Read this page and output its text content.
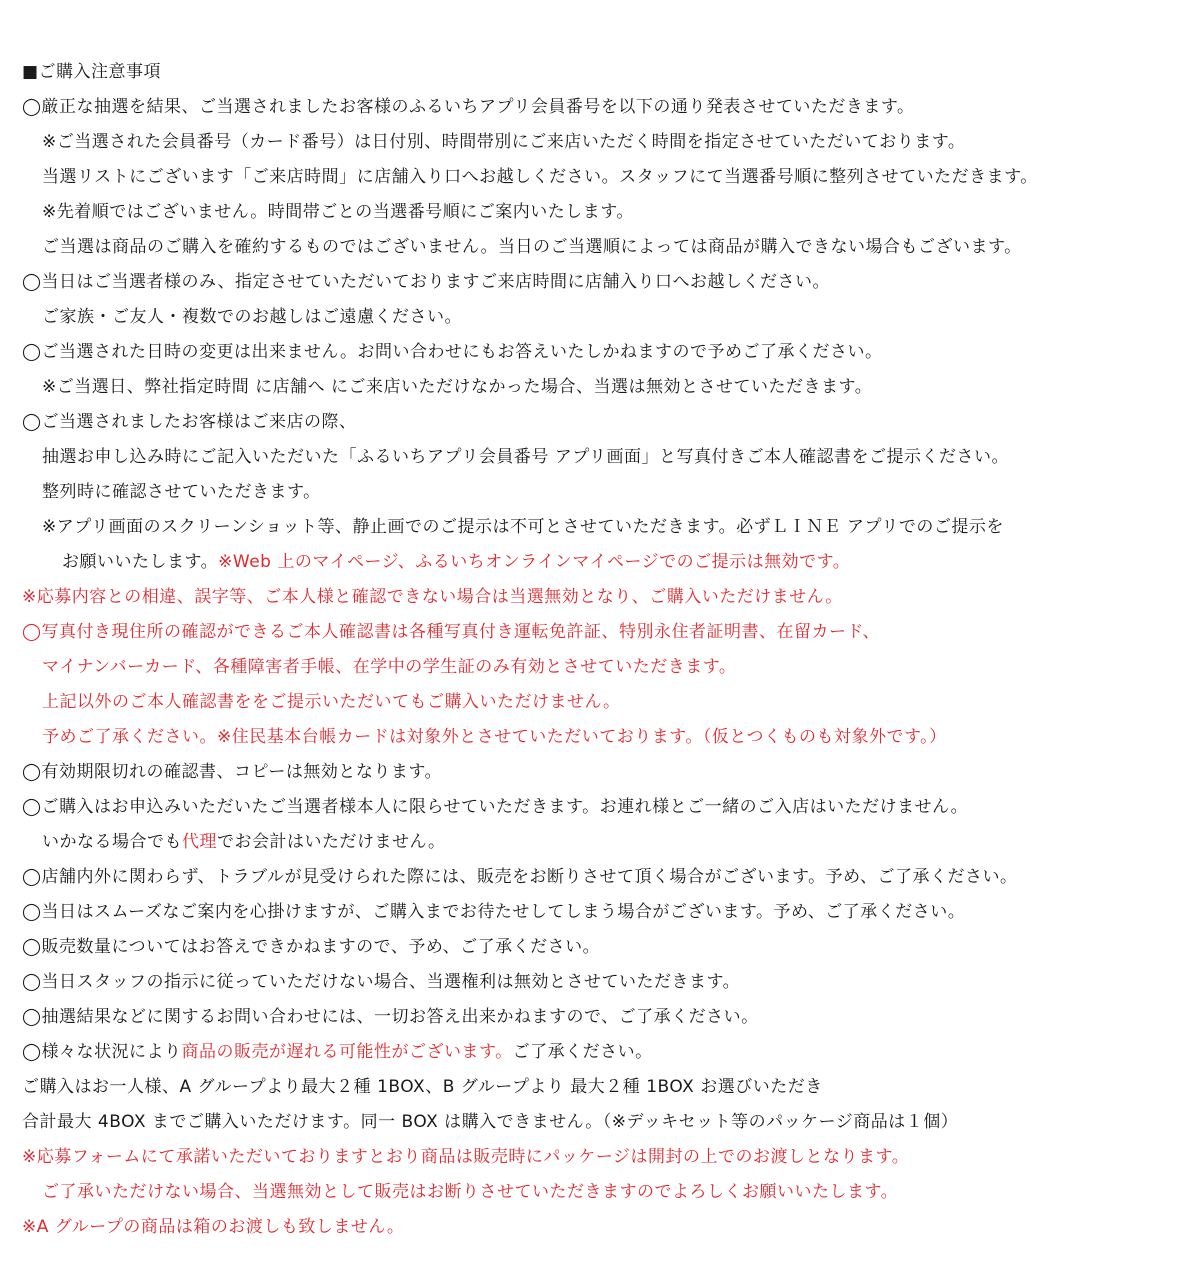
■ご購入注意事項
◯厳正な抽選を結果、ご当選されましたお客様のふるいちアプリ会員番号を以下の通り発表させていただきます。
※ご当選された会員番号（カード番号）は日付別、時間帯別にご来店いただく時間を指定させていただいております。
当選リストにございます「ご来店時間」に店舗入り口へお越しください。スタッフにて当選番号順に整列させていただきます。
※先着順ではございません。時間帯ごとの当選番号順にご案内いたします。
ご当選は商品のご購入を確約するものではございません。当日のご当選順によっては商品が購入できない場合もございます。
◯当日はご当選者様のみ、指定させていただいておりますご来店時間に店舗入り口へお越しください。
ご家族・ご友人・複数でのお越しはご遠慮ください。
◯ご当選された日時の変更は出来ません。お問い合わせにもお答えいたしかねますので予めご了承ください。
※ご当選日、弊社指定時間 に店舗へ にご来店いただけなかった場合、当選は無効とさせていただきます。
◯ご当選されましたお客様はご来店の際、
抽選お申し込み時にご記入いただいた「ふるいちアプリ会員番号 アプリ画面」と写真付きご本人確認書をご提示ください。
整列時に確認させていただきます。
※アプリ画面のスクリーンショット等、静止画でのご提示は不可とさせていただきます。必ずＬＩＮＥ アプリでのご提示を
お願いいたします。※Web 上のマイページ、ふるいちオンラインマイページでのご提示は無効です。
※応募内容との相違、誤字等、ご本人様と確認できない場合は当選無効となり、ご購入いただけません。
◯写真付き現住所の確認ができるご本人確認書は各種写真付き運転免許証、特別永住者証明書、在留カード、
マイナンバーカード、各種障害者手帳、在学中の学生証のみ有効とさせていただきます。
上記以外のご本人確認書ををご提示いただいてもご購入いただけません。
予めご了承ください。※住民基本台帳カードは対象外とさせていただいております。（仮とつくものも対象外です。）
◯有効期限切れの確認書、コピーは無効となります。
◯ご購入はお申込みいただいたご当選者様本人に限らせていただきます。お連れ様とご一緒のご入店はいただけません。
いかなる場合でも代理でお会計はいただけません。
◯店舗内外に関わらず、トラブルが見受けられた際には、販売をお断りさせて頂く場合がございます。予め、ご了承ください。
◯当日はスムーズなご案内を心掛けますが、ご購入までお待たせしてしまう場合がございます。予め、ご了承ください。
◯販売数量についてはお答えできかねますので、予め、ご了承ください。
◯当日スタッフの指示に従っていただけない場合、当選権利は無効とさせていただきます。
◯抽選結果などに関するお問い合わせには、一切お答え出来かねますので、ご了承ください。
◯様々な状況により商品の販売が遅れる可能性がございます。ご了承ください。
ご購入はお一人様、A グループより最大２種 1BOX、B グループより 最大２種 1BOX お選びいただき
合計最大 4BOX までご購入いただけます。同一 BOX は購入できません。（※デッキセット等のパッケージ商品は１個）
※応募フォームにて承諾いただいておりますとおり商品は販売時にパッケージは開封の上でのお渡しとなります。
ご了承いただけない場合、当選無効として販売はお断りさせていただきますのでよろしくお願いいたします。
※A グループの商品は箱のお渡しも致しません。
